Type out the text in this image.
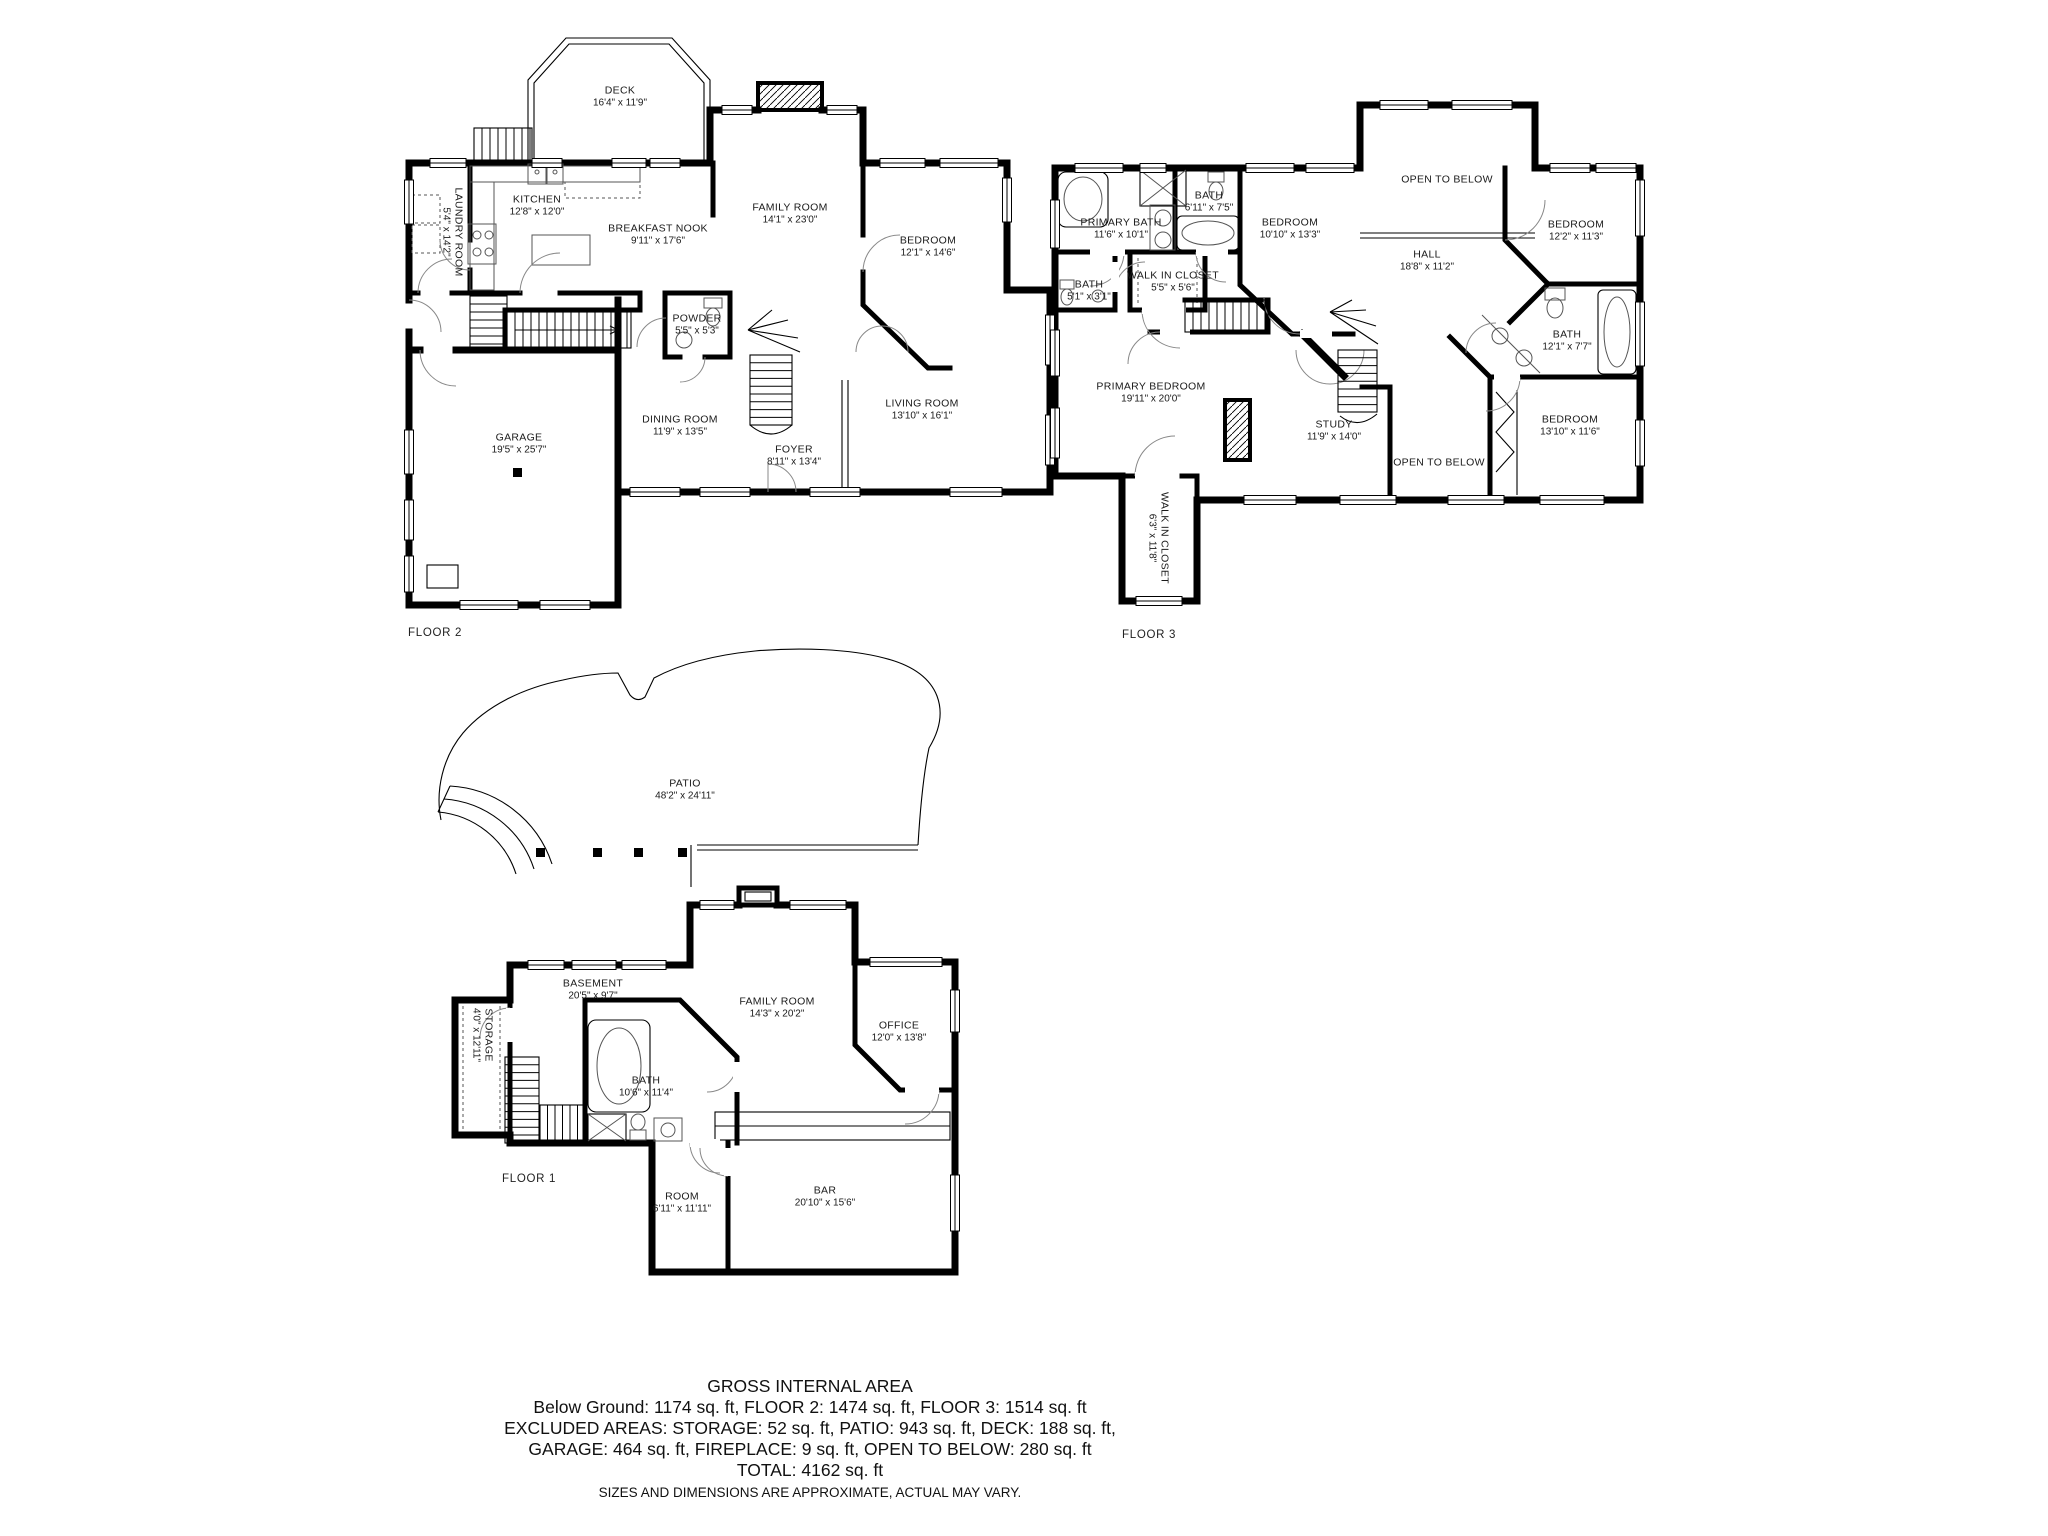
DECK
16'4" x 11'9"
KITCHEN
12'8" x 12'0"
LAUNDRY ROOM
5'4" x 14'2"	BREAKFAST NOOK
9'11" x 17'6"
FAMILY ROOM
14'1" x 23'0"
BEDROOM
12'1" x 14'6"
POWDER
5'5" x 5'3"
LIVING ROOM
13'10" x 16'1"
DINING ROOM
11'9" x 13'5"
FOYER
8'11" x 13'4"
GARAGE
19'5" x 25'7"
FLOOR 2
PRIMARY BATH
11'6" x 10'1"
BATH
6'11" x 7'5"
BEDROOM
10'10" x 13'3"
OPEN TO BELOW
BEDROOM
12'2" x 11'3"
HALL
18'8" x 11'2"
WALK IN CLOSET
5'5" x 5'6"
BATH
5'1" x 3'1"
BATH
12'1" x 7'7"
PRIMARY BEDROOM
19'11" x 20'0"
STUDY
11'9" x 14'0"
OPEN TO BELOW
BEDROOM
13'10" x 11'6"
WALK IN CLOSET
6'3" x 11'8"
FLOOR 3
PATIO
48'2" x 24'11"
BASEMENT
20'5" x 9'7"
STORAGE
4'0" x 12'11"
FAMILY ROOM
14'3" x 20'2"
OFFICE
12'0" x 13'8"
BATH
10'6" x 11'4"
ROOM
6'11" x 11'11"
BAR
20'10" x 15'6"
FLOOR 1
GROSS INTERNAL AREA
Below Ground: 1174 sq. ft, FLOOR 2: 1474 sq. ft, FLOOR 3: 1514 sq. ft
EXCLUDED AREAS: STORAGE: 52 sq. ft, PATIO: 943 sq. ft, DECK: 188 sq. ft,
GARAGE: 464 sq. ft, FIREPLACE: 9 sq. ft, OPEN TO BELOW: 280 sq. ft
TOTAL: 4162 sq. ft
SIZES AND DIMENSIONS ARE APPROXIMATE, ACTUAL MAY VARY.
